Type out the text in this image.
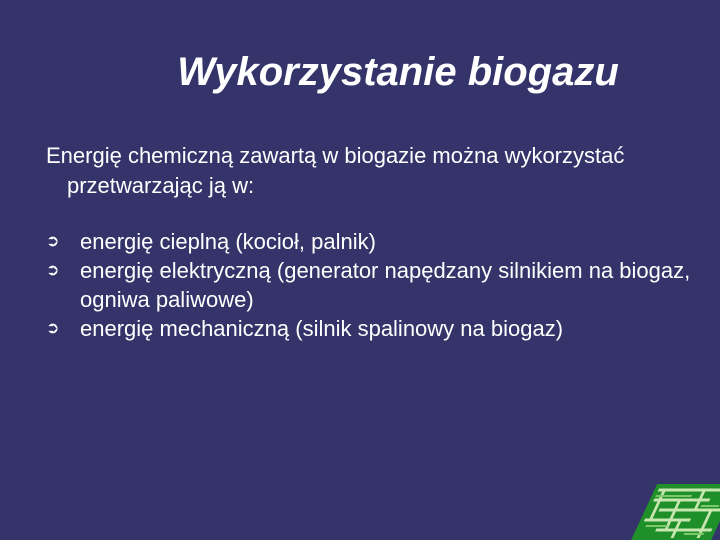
Wykorzystanie biogazu
Energię chemiczną zawartą w biogazie można wykorzystać
przetwarzając ją w:
➲ energię cieplną (kocioł, palnik)
➲ energię elektryczną (generator napędzany silnikiem na biogaz,
ogniwa paliwowe)
➲ energię mechaniczną (silnik spalinowy na biogaz)
